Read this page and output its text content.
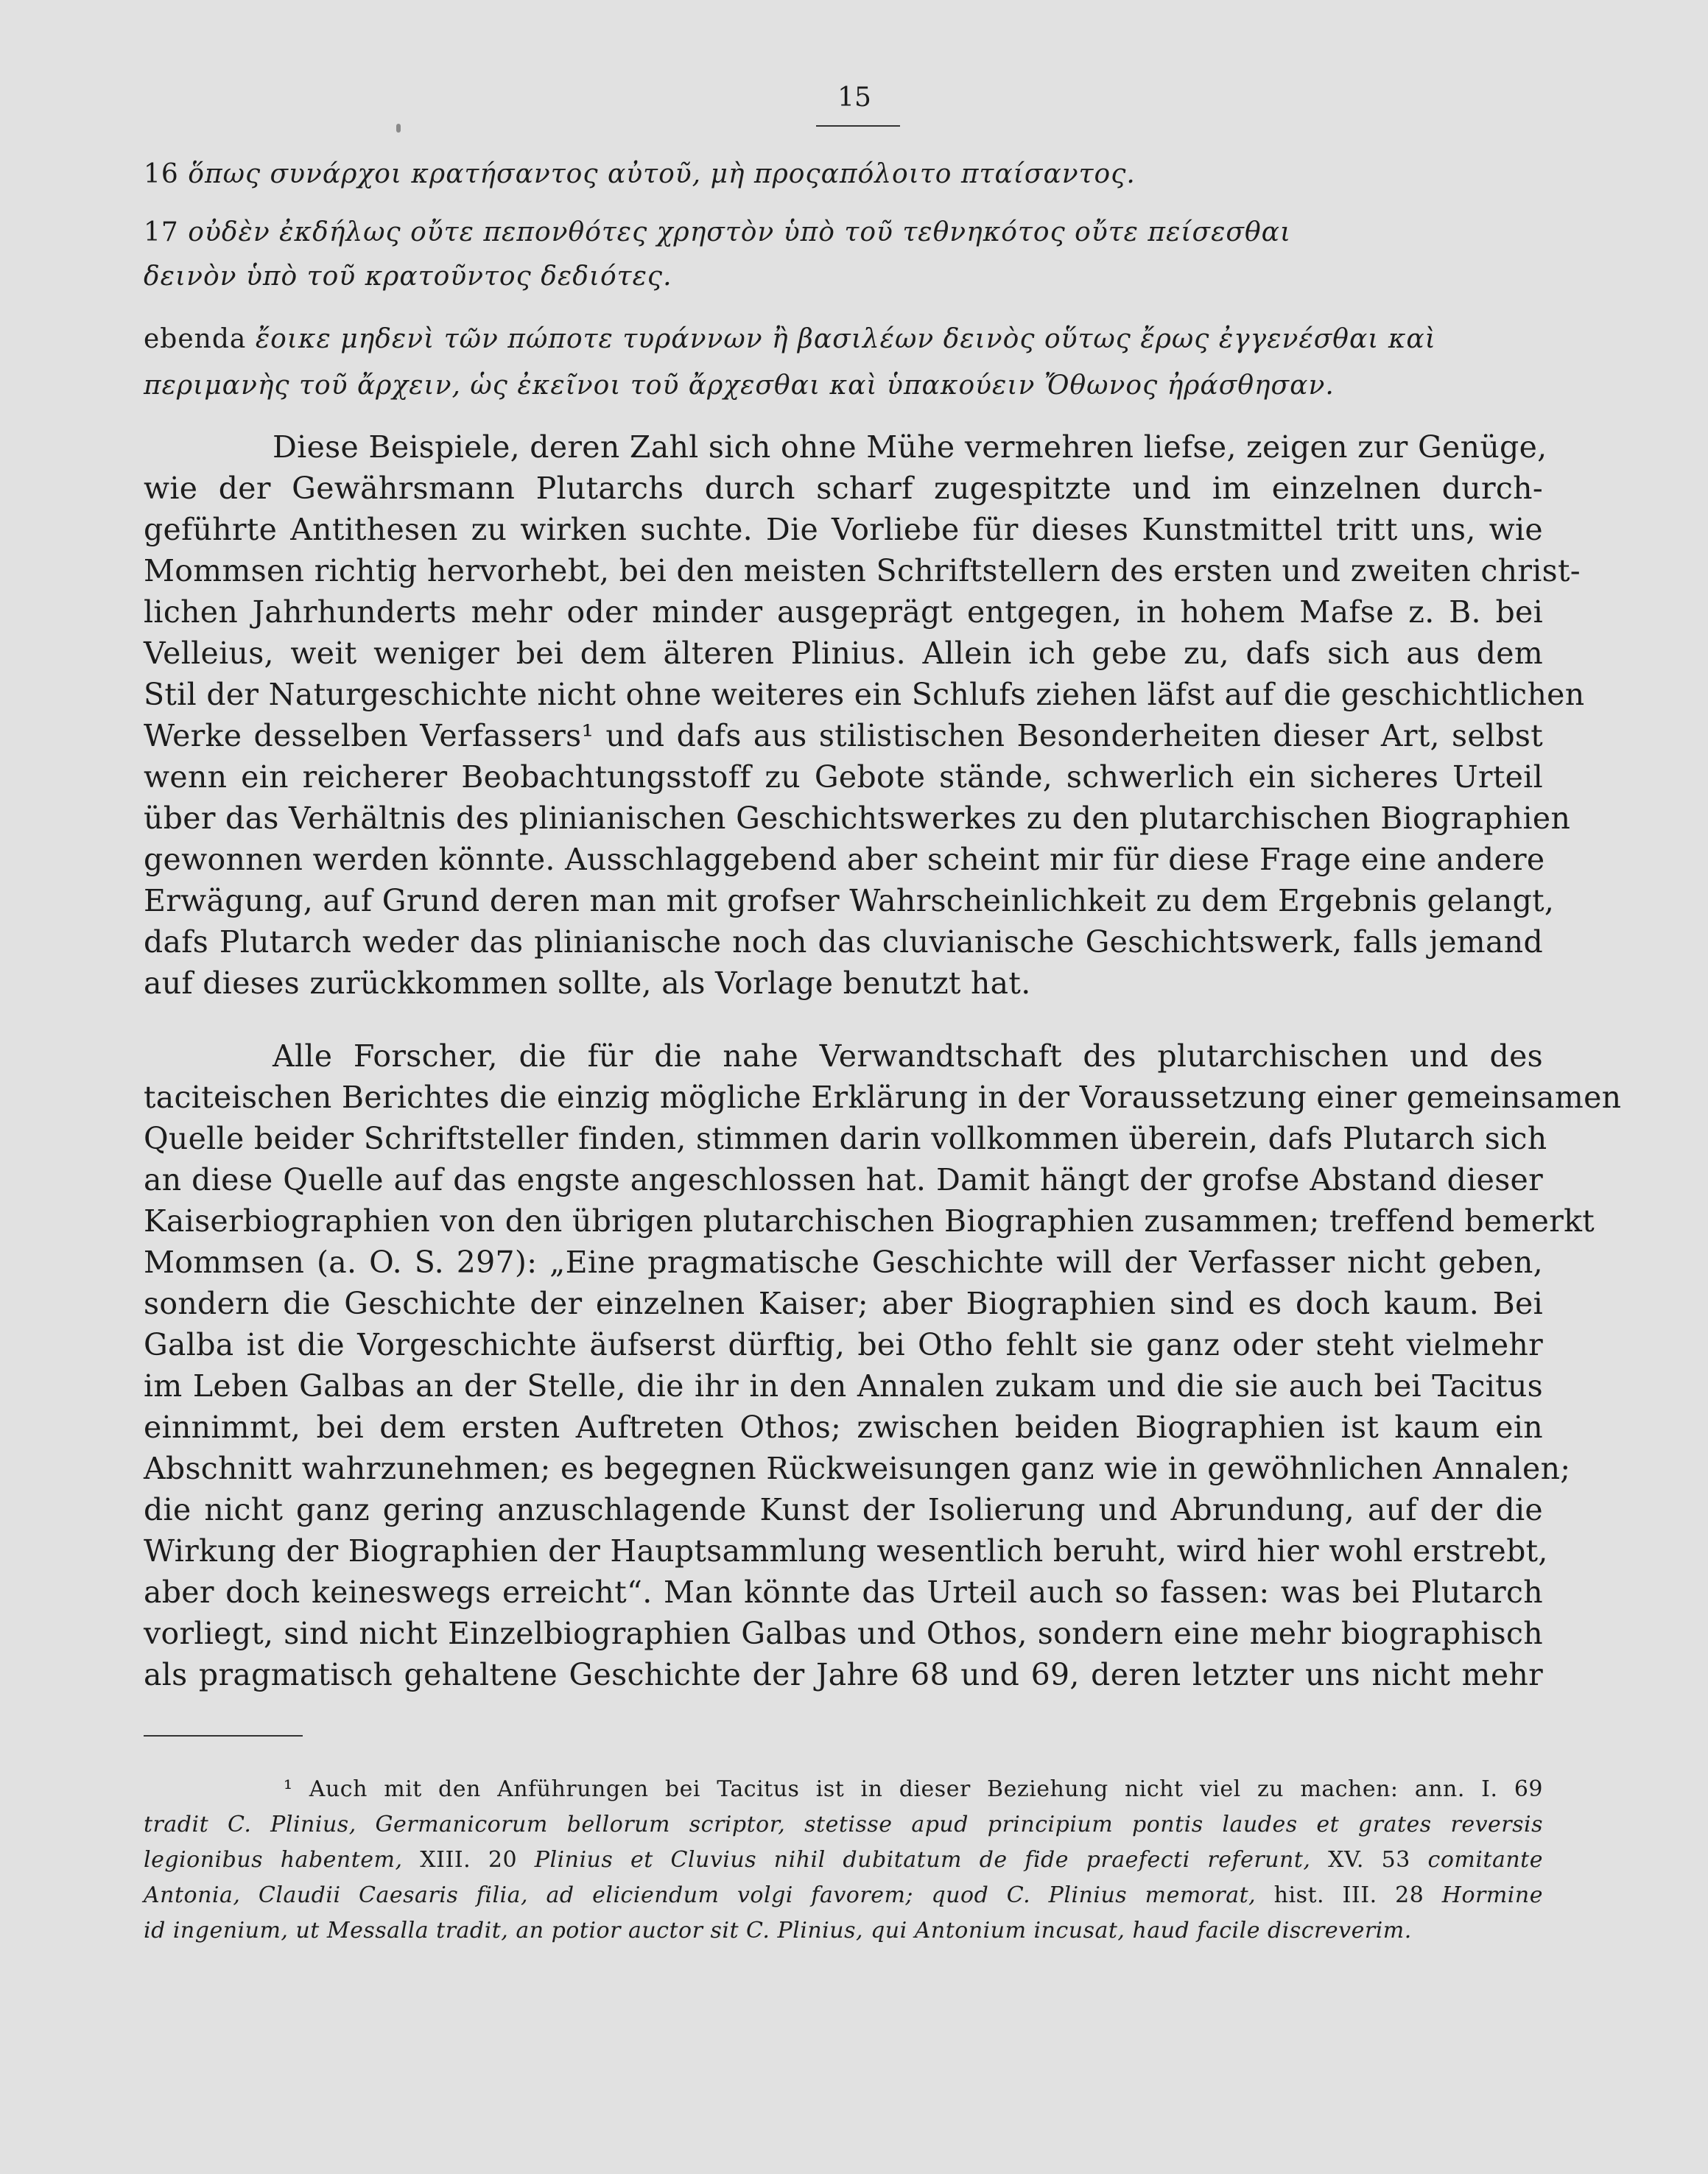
15
16 ὅπως συνάρχοι κρατήσαντος αὐτοῦ, μὴ προςαπόλοιτο πταίσαντος.
17 οὐδὲν ἐκδήλως οὔτε πεπονθότες χρηστὸν ὑπὸ τοῦ τεθνηκότος οὔτε πείσεσθαι
δεινὸν ὑπὸ τοῦ κρατοῦντος δεδιότες.
ebenda ἔοικε μηδενὶ τῶν πώποτε τυράννων ἢ βασιλέων δεινὸς οὕτως ἔρως ἐγγενέσθαι καὶ
περιμανὴς τοῦ ἄρχειν, ὡς ἐκεῖνοι τοῦ ἄρχεσθαι καὶ ὑπακούειν Ὄθωνος ἠράσθησαν.
Diese Beispiele, deren Zahl sich ohne Mühe vermehren liefse, zeigen zur Genüge,
wie der Gewährsmann Plutarchs durch scharf zugespitzte und im einzelnen durch-
geführte Antithesen zu wirken suchte. Die Vorliebe für dieses Kunstmittel tritt uns, wie
Mommsen richtig hervorhebt, bei den meisten Schriftstellern des ersten und zweiten christ-
lichen Jahrhunderts mehr oder minder ausgeprägt entgegen, in hohem Mafse z. B. bei
Velleius, weit weniger bei dem älteren Plinius. Allein ich gebe zu, dafs sich aus dem
Stil der Naturgeschichte nicht ohne weiteres ein Schlufs ziehen läfst auf die geschichtlichen
Werke desselben Verfassers¹ und dafs aus stilistischen Besonderheiten dieser Art, selbst
wenn ein reicherer Beobachtungsstoff zu Gebote stände, schwerlich ein sicheres Urteil
über das Verhältnis des plinianischen Geschichtswerkes zu den plutarchischen Biographien
gewonnen werden könnte. Ausschlaggebend aber scheint mir für diese Frage eine andere
Erwägung, auf Grund deren man mit grofser Wahrscheinlichkeit zu dem Ergebnis gelangt,
dafs Plutarch weder das plinianische noch das cluvianische Geschichtswerk, falls jemand
auf dieses zurückkommen sollte, als Vorlage benutzt hat.
Alle Forscher, die für die nahe Verwandtschaft des plutarchischen und des
taciteischen Berichtes die einzig mögliche Erklärung in der Voraussetzung einer gemeinsamen
Quelle beider Schriftsteller finden, stimmen darin vollkommen überein, dafs Plutarch sich
an diese Quelle auf das engste angeschlossen hat. Damit hängt der grofse Abstand dieser
Kaiserbiographien von den übrigen plutarchischen Biographien zusammen; treffend bemerkt
Mommsen (a. O. S. 297): „Eine pragmatische Geschichte will der Verfasser nicht geben,
sondern die Geschichte der einzelnen Kaiser; aber Biographien sind es doch kaum. Bei
Galba ist die Vorgeschichte äufserst dürftig, bei Otho fehlt sie ganz oder steht vielmehr
im Leben Galbas an der Stelle, die ihr in den Annalen zukam und die sie auch bei Tacitus
einnimmt, bei dem ersten Auftreten Othos; zwischen beiden Biographien ist kaum ein
Abschnitt wahrzunehmen; es begegnen Rückweisungen ganz wie in gewöhnlichen Annalen;
die nicht ganz gering anzuschlagende Kunst der Isolierung und Abrundung, auf der die
Wirkung der Biographien der Hauptsammlung wesentlich beruht, wird hier wohl erstrebt,
aber doch keineswegs erreicht“. Man könnte das Urteil auch so fassen: was bei Plutarch
vorliegt, sind nicht Einzelbiographien Galbas und Othos, sondern eine mehr biographisch
als pragmatisch gehaltene Geschichte der Jahre 68 und 69, deren letzter uns nicht mehr
¹ Auch mit den Anführungen bei Tacitus ist in dieser Beziehung nicht viel zu machen: ann. I. 69
tradit C. Plinius, Germanicorum bellorum scriptor, stetisse apud principium pontis laudes et grates reversis
legionibus habentem, XIII. 20 Plinius et Cluvius nihil dubitatum de fide praefecti referunt, XV. 53 comitante
Antonia, Claudii Caesaris filia, ad eliciendum volgi favorem; quod C. Plinius memorat, hist. III. 28 Hormine
id ingenium, ut Messalla tradit, an potior auctor sit C. Plinius, qui Antonium incusat, haud facile discreverim.
